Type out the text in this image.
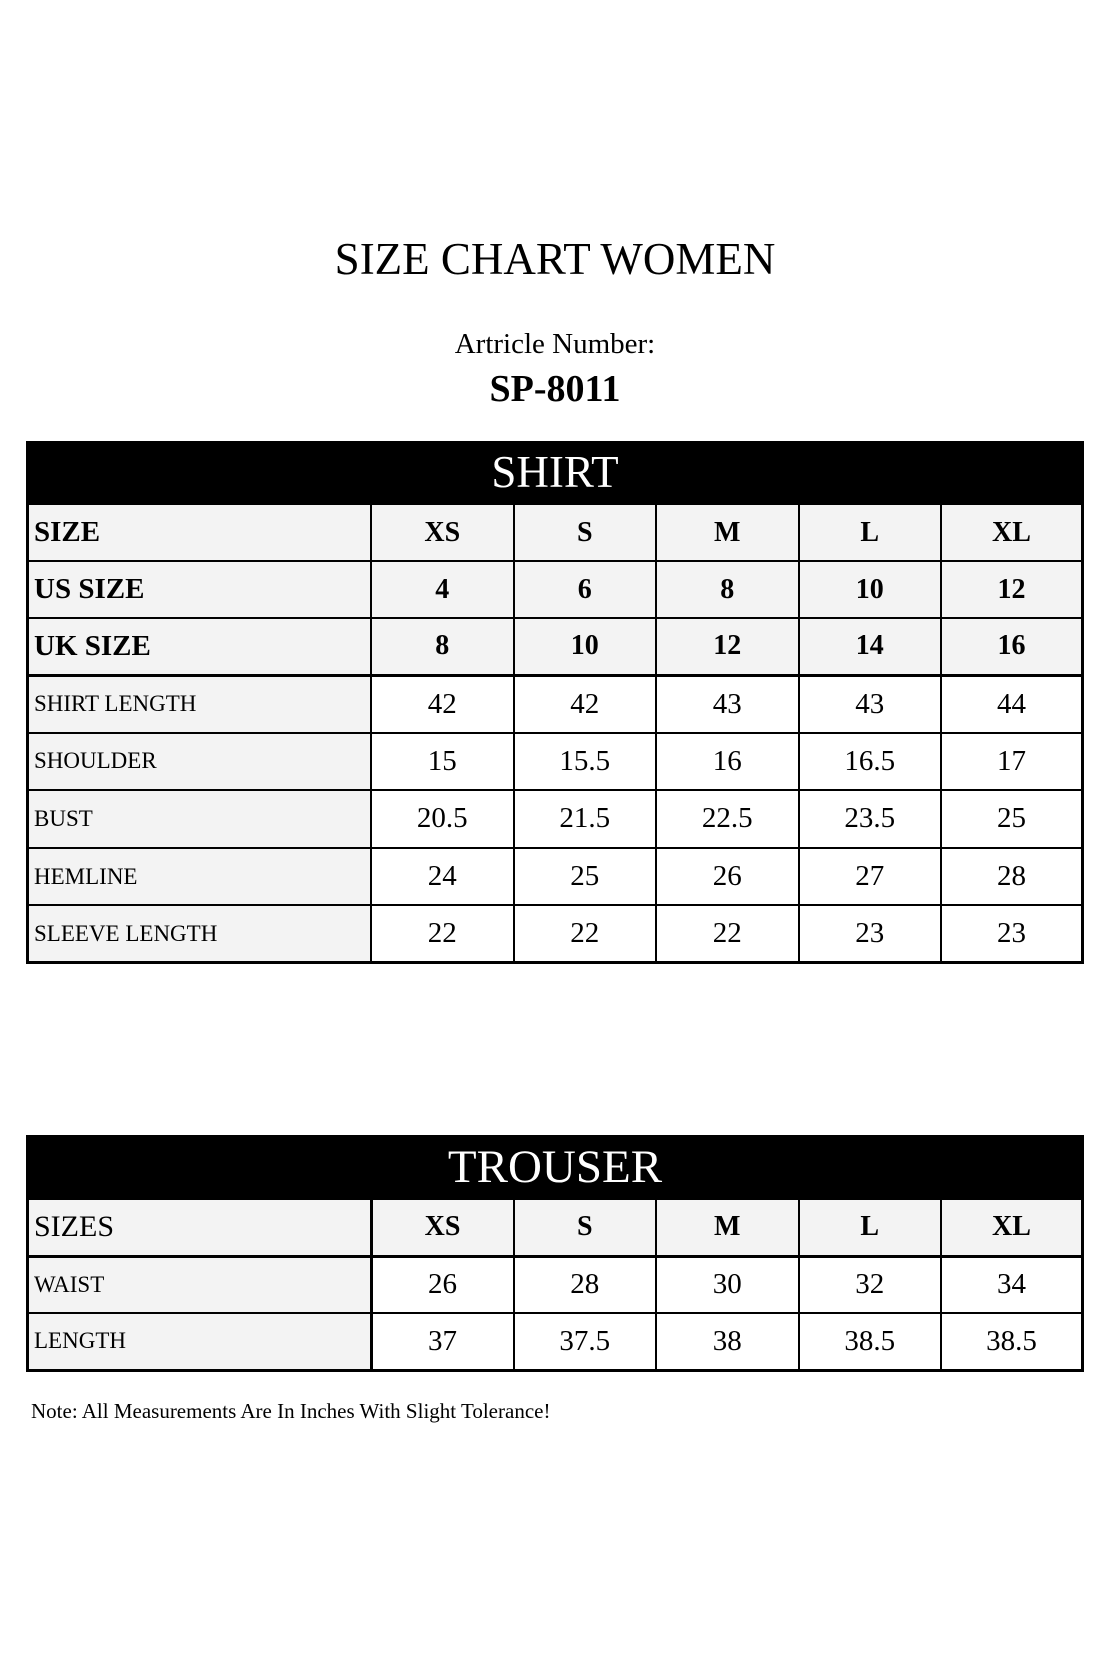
SIZE CHART WOMEN
Artricle Number:
SP-8011
SHIRT
SIZE	XS	S	M	L	XL
US SIZE	4	6	8	10	12
UK SIZE	8	10	12	14	16
SHIRT LENGTH	42	42	43	43	44
SHOULDER	15	15.5	16	16.5	17
BUST	20.5	21.5	22.5	23.5	25
HEMLINE	24	25	26	27	28
SLEEVE LENGTH	22	22	22	23	23
TROUSER
SIZES	XS	S	M	L	XL
WAIST	26	28	30	32	34
LENGTH	37	37.5	38	38.5	38.5
Note: All Measurements Are In Inches With Slight Tolerance!
